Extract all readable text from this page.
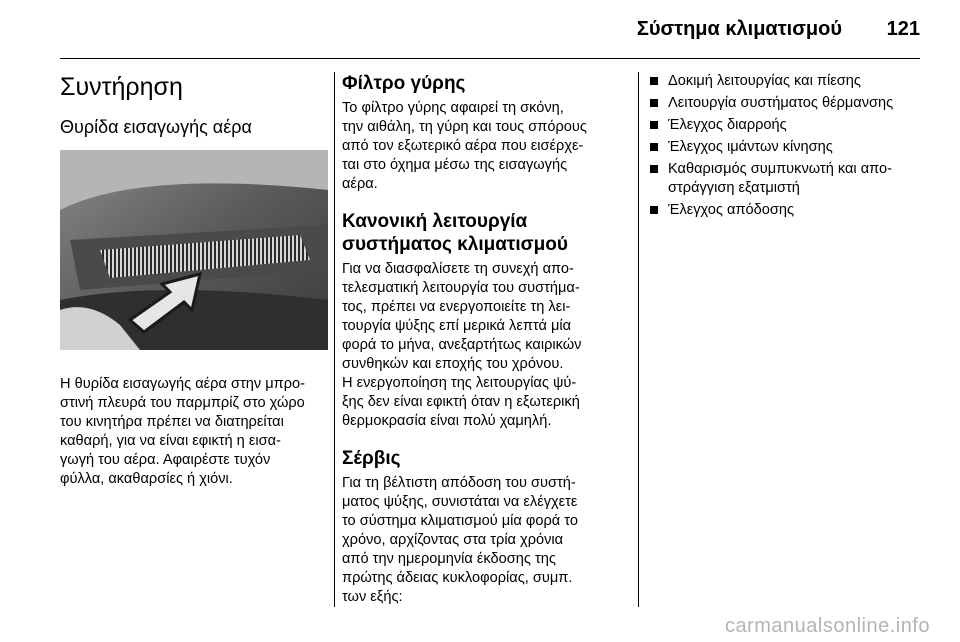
Σύστημα κλιματισμού 121
Συντήρηση
Θυρίδα εισαγωγής αέρα

Η θυρίδα εισαγωγής αέρα στην μπρο-
στινή πλευρά του παρμπρίζ στο χώρο
του κινητήρα πρέπει να διατηρείται
καθαρή, για να είναι εφικτή η εισα-
γωγή του αέρα. Αφαιρέστε τυχόν
φύλλα, ακαθαρσίες ή χιόνι.

Φίλτρο γύρης

Το φίλτρο γύρης αφαιρεί τη σκόνη,
την αιθάλη, τη γύρη και τους σπόρους
από τον εξωτερικό αέρα που εισέρχε-
ται στο όχημα μέσω της εισαγωγής
αέρα.

Κανονική λειτουργία
συστήματος κλιματισμού

Για να διασφαλίσετε τη συνεχή απο-
τελεσματική λειτουργία του συστήμα-
τος, πρέπει να ενεργοποιείτε τη λει-
τουργία ψύξης επί μερικά λεπτά μία
φορά το μήνα, ανεξαρτήτως καιρικών
συνθηκών και εποχής του χρόνου.
Η ενεργοποίηση της λειτουργίας ψύ-
ξης δεν είναι εφικτή όταν η εξωτερική
θερμοκρασία είναι πολύ χαμηλή.

Σέρβις

Για τη βέλτιστη απόδοση του συστή-
ματος ψύξης, συνιστάται να ελέγχετε
το σύστημα κλιματισμού μία φορά το
χρόνο, αρχίζοντας στα τρία χρόνια
από την ημερομηνία έκδοσης της
πρώτης άδειας κυκλοφορίας, συμπ.
των εξής:

Δοκιμή λειτουργίας και πίεσης
Λειτουργία συστήματος θέρμανσης
Έλεγχος διαρροής
Έλεγχος ιμάντων κίνησης
Καθαρισμός συμπυκνωτή και απο-
στράγγιση εξατμιστή
Έλεγχος απόδοσης
carmanualsonline.info
